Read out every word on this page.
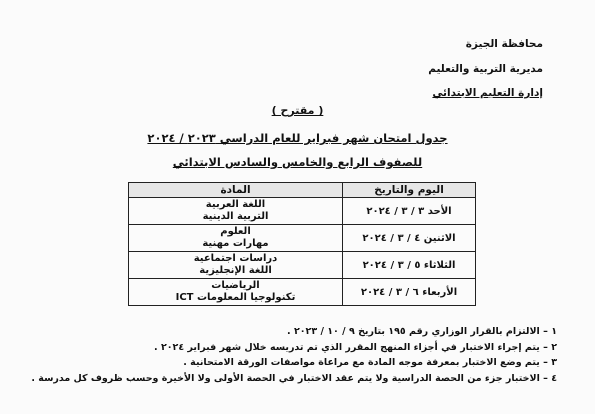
محافظة الجيزة
مديرية التربية والتعليم
إدارة التعليم الابتدائي
( مقترح )
جدول امتحان شهر فبراير للعام الدراسي ٢٠٢٣ / ٢٠٢٤
للصفوف الرابع والخامس والسادس الابتدائي
اليوم والتاريخ	المادة
الأحد ٣ / ٣ / ٢٠٢٤	اللغة العربية
التربية الدينية

الاثنين ٤ / ٣ / ٢٠٢٤	العلوم
مهارات مهنية

الثلاثاء ٥ / ٣ / ٢٠٢٤	دراسات اجتماعية
اللغة الإنجليزية

الأربعاء ٦ / ٣ / ٢٠٢٤	الرياضيات
تكنولوجيا المعلومات ICT

١ – الالتزام بالقرار الوزاري رقم ١٩٥ بتاريخ ٩ / ١٠ / ٢٠٢٣ .

٢ – يتم إجراء الاختبار في أجزاء المنهج المقرر الذي تم تدريسه خلال شهر فبراير ٢٠٢٤ .

٣ – يتم وضع الاختبار بمعرفة موجه المادة مع مراعاة مواصفات الورقة الامتحانية .

٤ – الاختبار جزء من الحصة الدراسية ولا يتم عقد الاختبار في الحصة الأولى ولا الأخيرة وحسب ظروف كل مدرسة .
